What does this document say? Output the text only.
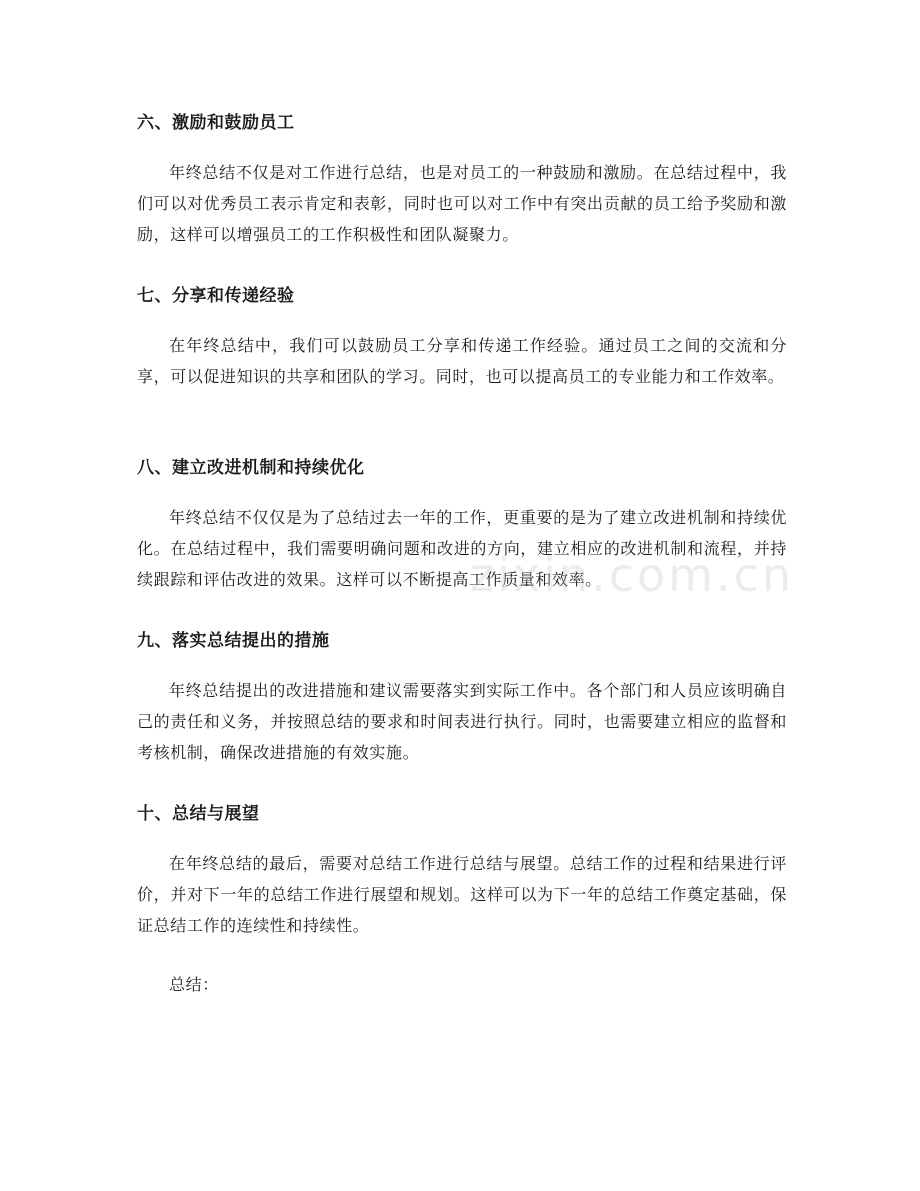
六、激励和鼓励员工

年终总结不仅是对工作进行总结，也是对员工的一种鼓励和激励。在总结过程中，我们可以对优秀员工表示肯定和表彰，同时也可以对工作中有突出贡献的员工给予奖励和激励，这样可以增强员工的工作积极性和团队凝聚力。

七、分享和传递经验

在年终总结中，我们可以鼓励员工分享和传递工作经验。通过员工之间的交流和分享，可以促进知识的共享和团队的学习。同时，也可以提高员工的专业能力和工作效率。

八、建立改进机制和持续优化

年终总结不仅仅是为了总结过去一年的工作，更重要的是为了建立改进机制和持续优化。在总结过程中，我们需要明确问题和改进的方向，建立相应的改进机制和流程，并持续跟踪和评估改进的效果。这样可以不断提高工作质量和效率。

九、落实总结提出的措施

年终总结提出的改进措施和建议需要落实到实际工作中。各个部门和人员应该明确自己的责任和义务，并按照总结的要求和时间表进行执行。同时，也需要建立相应的监督和考核机制，确保改进措施的有效实施。

十、总结与展望

在年终总结的最后，需要对总结工作进行总结与展望。总结工作的过程和结果进行评价，并对下一年的总结工作进行展望和规划。这样可以为下一年的总结工作奠定基础，保证总结工作的连续性和持续性。

总结：
zixin.com.cn
